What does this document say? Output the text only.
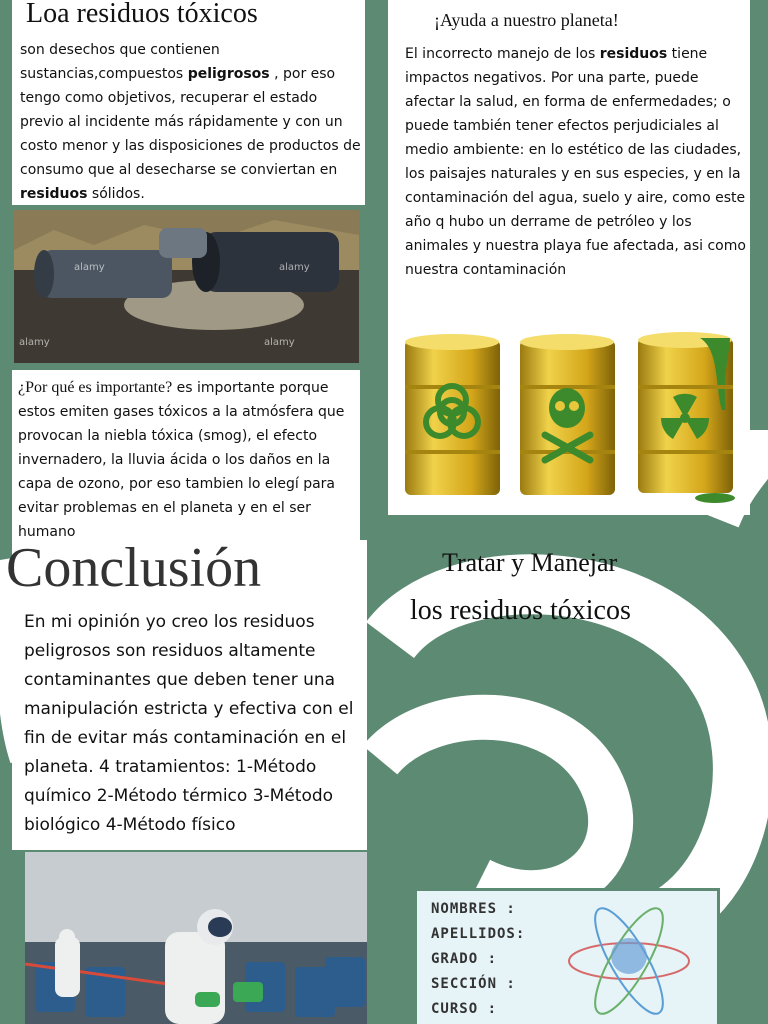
Loa residuos tóxicos
son desechos que contienen sustancias,compuestos peligrosos , por eso tengo como objetivos, recuperar el estado previo al incidente más rápidamente y con un costo menor y las disposiciones de productos de consumo que al desecharse se conviertan en residuos sólidos.
alamy	alamy
alamy	alamy
¿Por qué es importante? es importante porque estos emiten gases tóxicos a la atmósfera que provocan la niebla tóxica (smog), el efecto invernadero, la lluvia ácida o los daños en la capa de ozono, por eso tambien lo elegí para evitar problemas en el planeta y en el ser humano
¡Ayuda a nuestro planeta!
El incorrecto manejo de los residuos tiene impactos negativos. Por una parte, puede afectar la salud, en forma de enfermedades; o puede también tener efectos perjudiciales al medio ambiente: en lo estético de las ciudades, los paisajes naturales y en sus especies, y en la contaminación del agua, suelo y aire, como este año q hubo un derrame de petróleo y los animales y nuestra playa fue afectada, asi como nuestra contaminación
Conclusión
En mi opinión yo creo los residuos peligrosos son residuos altamente contaminantes que deben tener una manipulación estricta y efectiva con el fin de evitar más contaminación en el planeta. 4 tratamientos: 1-Método químico 2-Método térmico 3-Método biológico 4-Método físico
Tratar y Manejar
los residuos tóxicos
NOMBRES :
APELLIDOS:
GRADO :
SECCIÓN :
CURSO :
